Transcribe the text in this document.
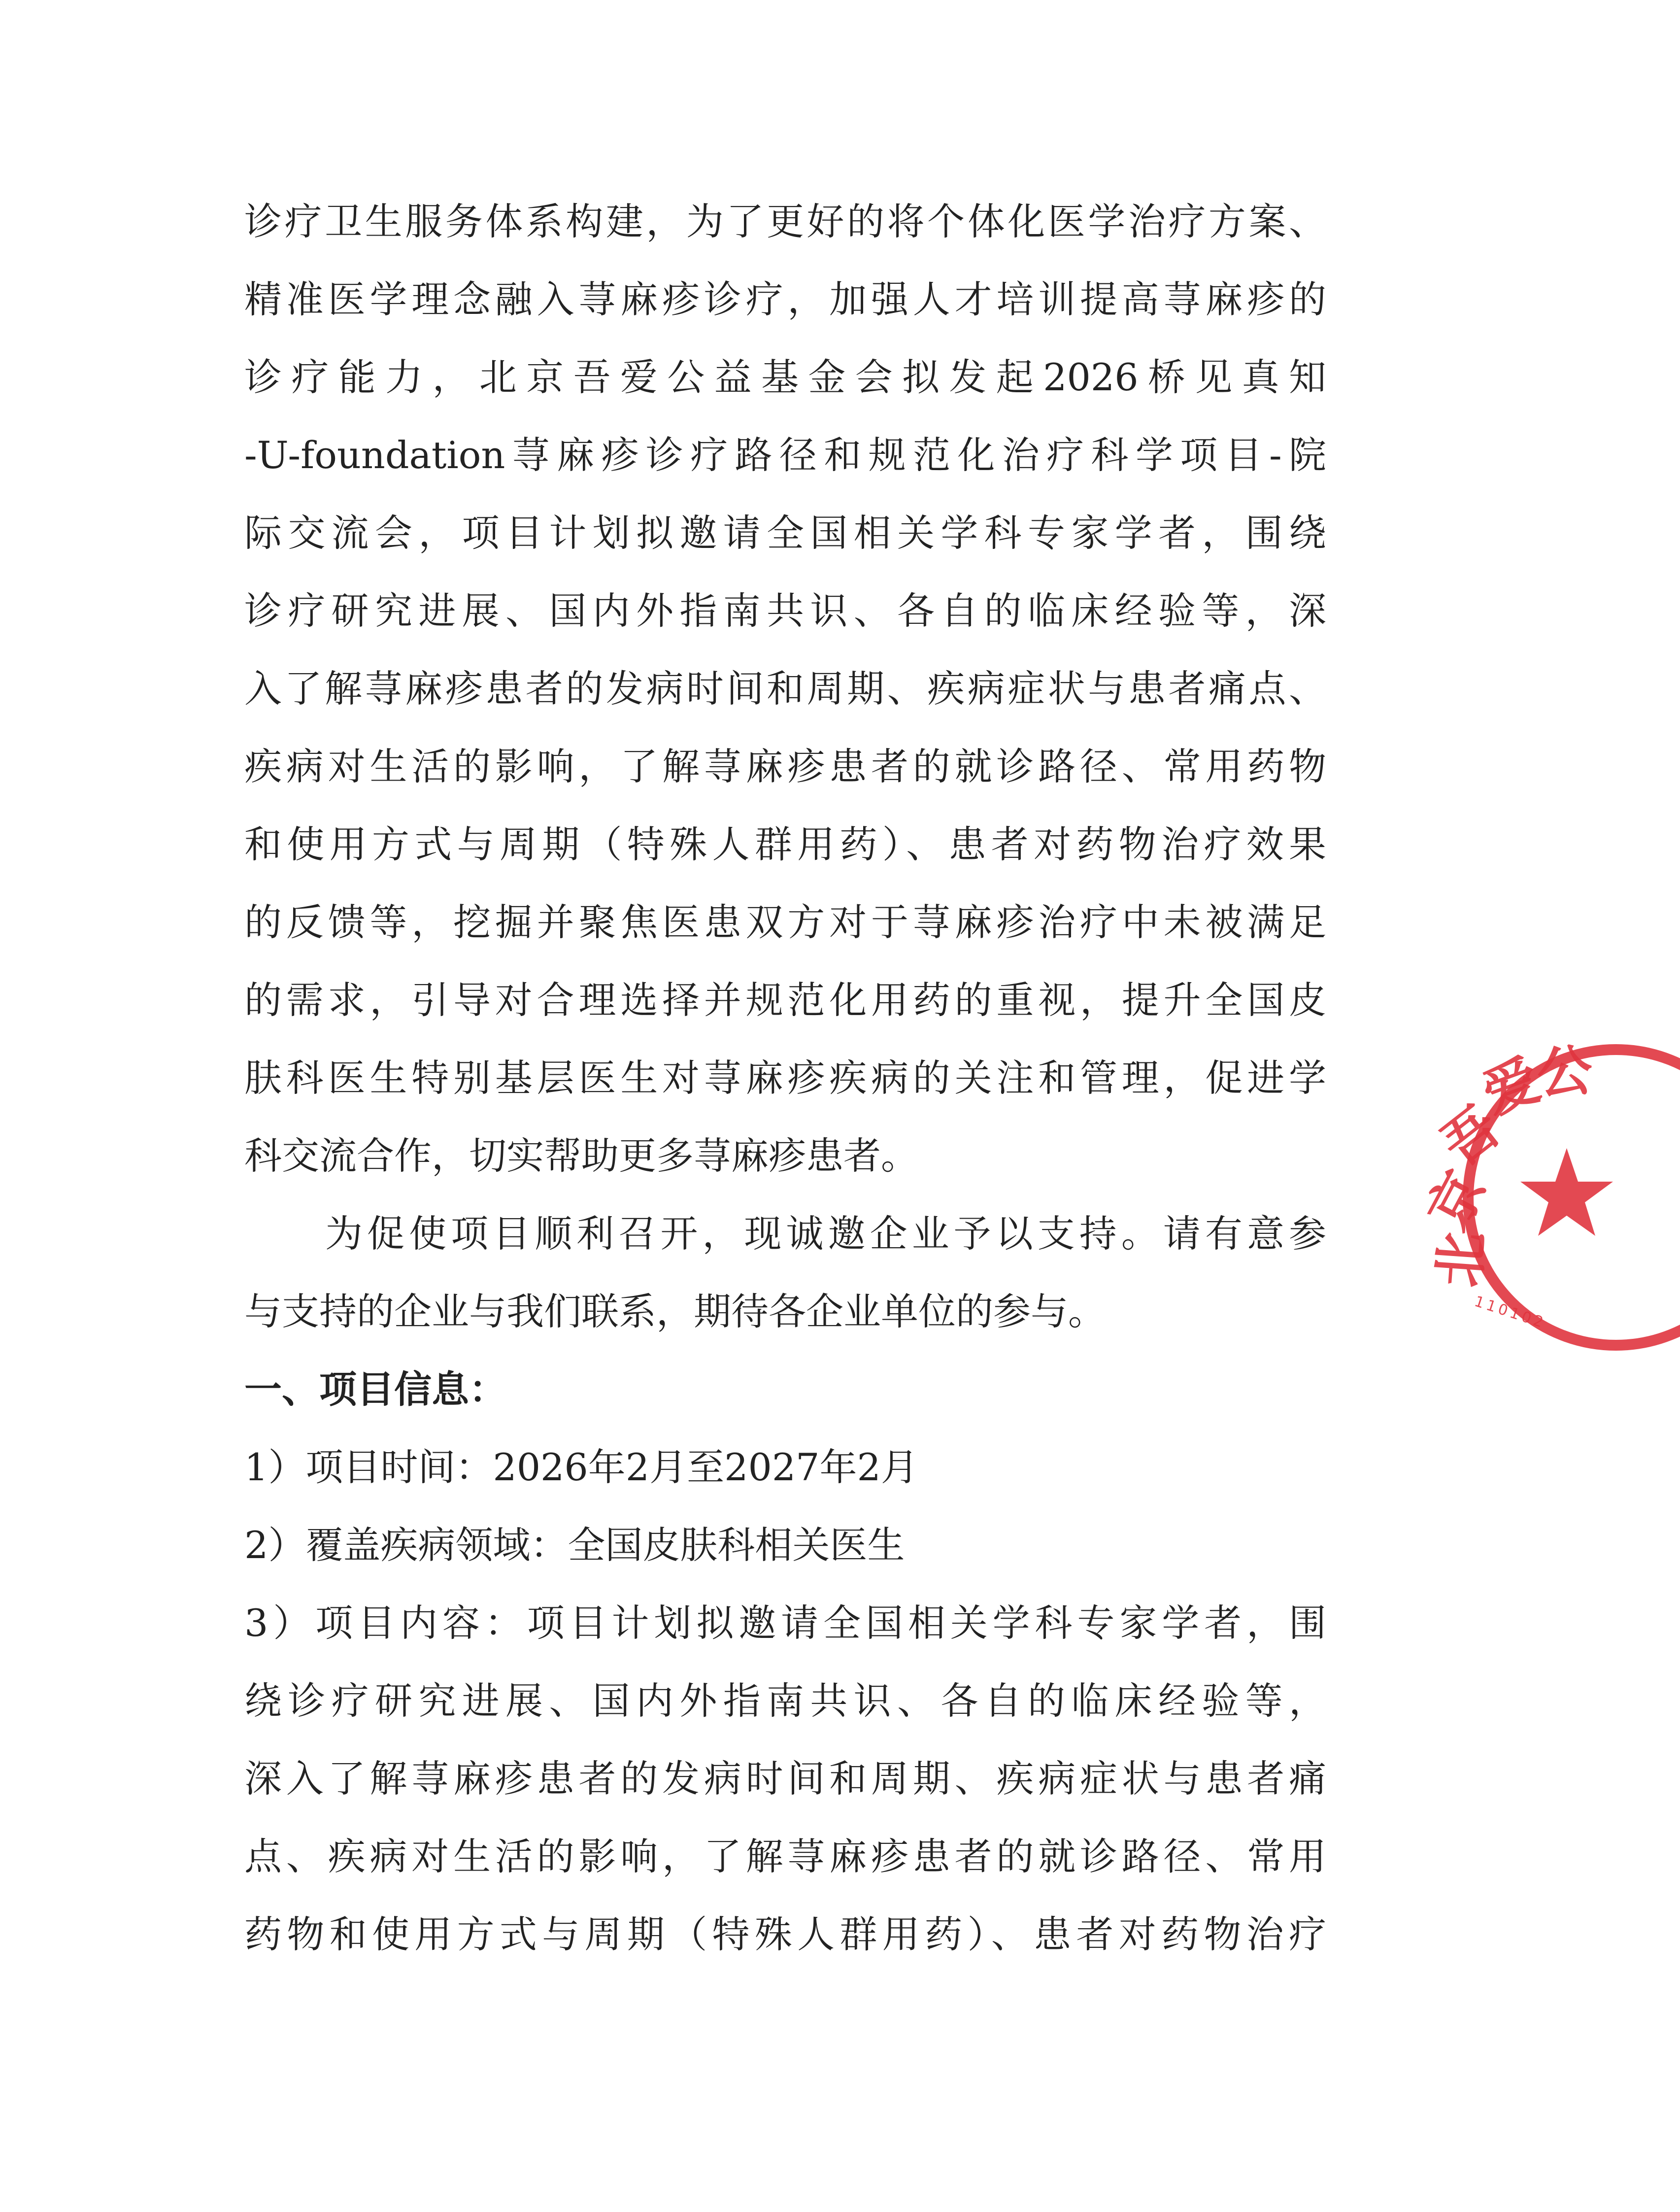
诊疗卫生服务体系构建，为了更好的将个体化医学治疗方案、
精准医学理念融入荨麻疹诊疗，加强人才培训提高荨麻疹的
诊疗能力，北京吾爱公益基金会拟发起2026桥见真知
-U-foundation荨麻疹诊疗路径和规范化治疗科学项目-院
际交流会，项目计划拟邀请全国相关学科专家学者，围绕
诊疗研究进展、国内外指南共识、各自的临床经验等，深
入了解荨麻疹患者的发病时间和周期、疾病症状与患者痛点、
疾病对生活的影响，了解荨麻疹患者的就诊路径、常用药物
和使用方式与周期（特殊人群用药）、患者对药物治疗效果
的反馈等，挖掘并聚焦医患双方对于荨麻疹治疗中未被满足
的需求，引导对合理选择并规范化用药的重视，提升全国皮
肤科医生特别基层医生对荨麻疹疾病的关注和管理，促进学
科交流合作，切实帮助更多荨麻疹患者。
为促使项目顺利召开，现诚邀企业予以支持。请有意参
与支持的企业与我们联系，期待各企业单位的参与。
一、项目信息：
1）项目时间：2026年2月至2027年2月
2）覆盖疾病领域：全国皮肤科相关医生
3）项目内容：项目计划拟邀请全国相关学科专家学者，围
绕诊疗研究进展、国内外指南共识、各自的临床经验等，
深入了解荨麻疹患者的发病时间和周期、疾病症状与患者痛
点、疾病对生活的影响，了解荨麻疹患者的就诊路径、常用
药物和使用方式与周期（特殊人群用药）、患者对药物治疗
爱
公
吾
京
北
110102
